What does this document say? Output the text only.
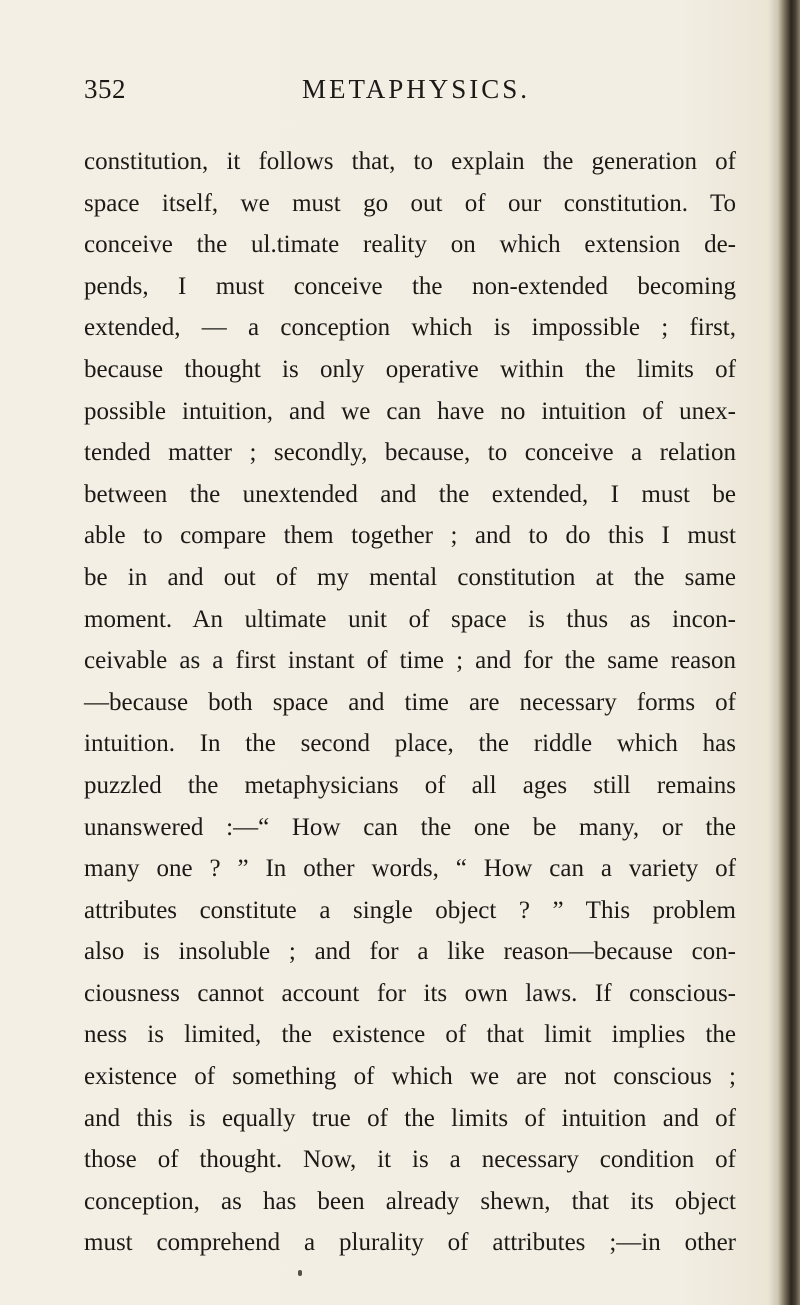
352	METAPHYSICS.
constitution, it follows that, to explain the generation of
space itself, we must go out of our constitution. To
conceive the ul.timate reality on which extension de-
pends, I must conceive the non-extended becoming
extended, — a conception which is impossible ; first,
because thought is only operative within the limits of
possible intuition, and we can have no intuition of unex-
tended matter ; secondly, because, to conceive a relation
between the unextended and the extended, I must be
able to compare them together ; and to do this I must
be in and out of my mental constitution at the same
moment. An ultimate unit of space is thus as incon-
ceivable as a first instant of time ; and for the same reason
—because both space and time are necessary forms of
intuition. In the second place, the riddle which has
puzzled the metaphysicians of all ages still remains
unanswered :—“ How can the one be many, or the
many one ? ” In other words, “ How can a variety of
attributes constitute a single object ? ” This problem
also is insoluble ; and for a like reason—because con-
ciousness cannot account for its own laws. If conscious-
ness is limited, the existence of that limit implies the
existence of something of which we are not conscious ;
and this is equally true of the limits of intuition and of
those of thought. Now, it is a necessary condition of
conception, as has been already shewn, that its object
must comprehend a plurality of attributes ;—in other
